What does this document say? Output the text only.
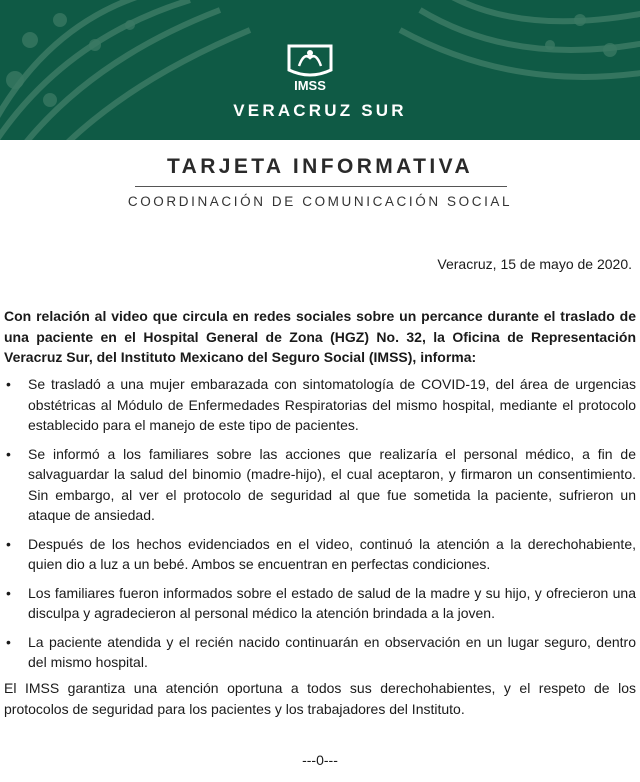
IMSS
VERACRUZ SUR
TARJETA INFORMATIVA
COORDINACIÓN DE COMUNICACIÓN SOCIAL
Veracruz, 15 de mayo de 2020.
Con relación al video que circula en redes sociales sobre un percance durante el traslado de una paciente en el Hospital General de Zona (HGZ) No. 32, la Oficina de Representación Veracruz Sur, del Instituto Mexicano del Seguro Social (IMSS), informa:
• Se trasladó a una mujer embarazada con sintomatología de COVID-19, del área de urgencias obstétricas al Módulo de Enfermedades Respiratorias del mismo hospital, mediante el protocolo establecido para el manejo de este tipo de pacientes.
• Se informó a los familiares sobre las acciones que realizaría el personal médico, a fin de salvaguardar la salud del binomio (madre-hijo), el cual aceptaron, y firmaron un consentimiento. Sin embargo, al ver el protocolo de seguridad al que fue sometida la paciente, sufrieron un ataque de ansiedad.
• Después de los hechos evidenciados en el video, continuó la atención a la derechohabiente, quien dio a luz a un bebé. Ambos se encuentran en perfectas condiciones.
• Los familiares fueron informados sobre el estado de salud de la madre y su hijo, y ofrecieron una disculpa y agradecieron al personal médico la atención brindada a la joven.
• La paciente atendida y el recién nacido continuarán en observación en un lugar seguro, dentro del mismo hospital.
El IMSS garantiza una atención oportuna a todos sus derechohabientes, y el respeto de los protocolos de seguridad para los pacientes y los trabajadores del Instituto.
---0---
